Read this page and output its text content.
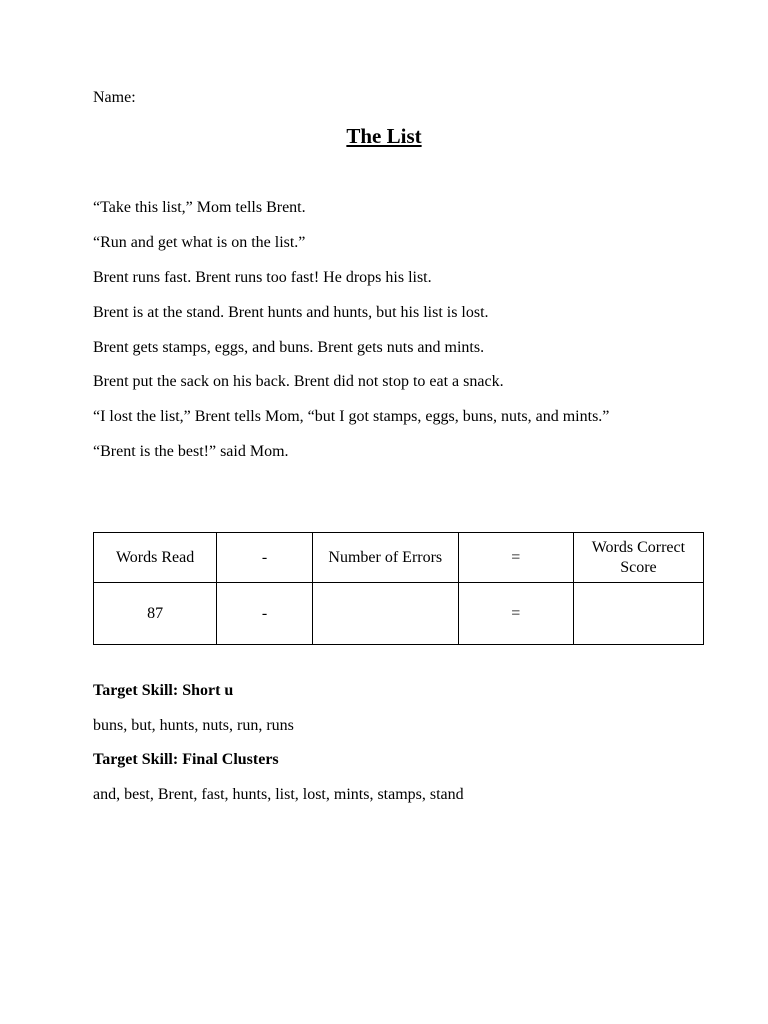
Name:
The List

“Take this list,” Mom tells Brent.

“Run and get what is on the list.”

Brent runs fast. Brent runs too fast! He drops his list.

Brent is at the stand. Brent hunts and hunts, but his list is lost.

Brent gets stamps, eggs, and buns. Brent gets nuts and mints.

Brent put the sack on his back. Brent did not stop to eat a snack.

“I lost the list,” Brent tells Mom, “but I got stamps, eggs, buns, nuts, and mints.”

“Brent is the best!” said Mom.

Words Read	-	Number of Errors	=	Words Correct Score
87	-		=	

Target Skill: Short u

buns, but, hunts, nuts, run, runs

Target Skill: Final Clusters

and, best, Brent, fast, hunts, list, lost, mints, stamps, stand
